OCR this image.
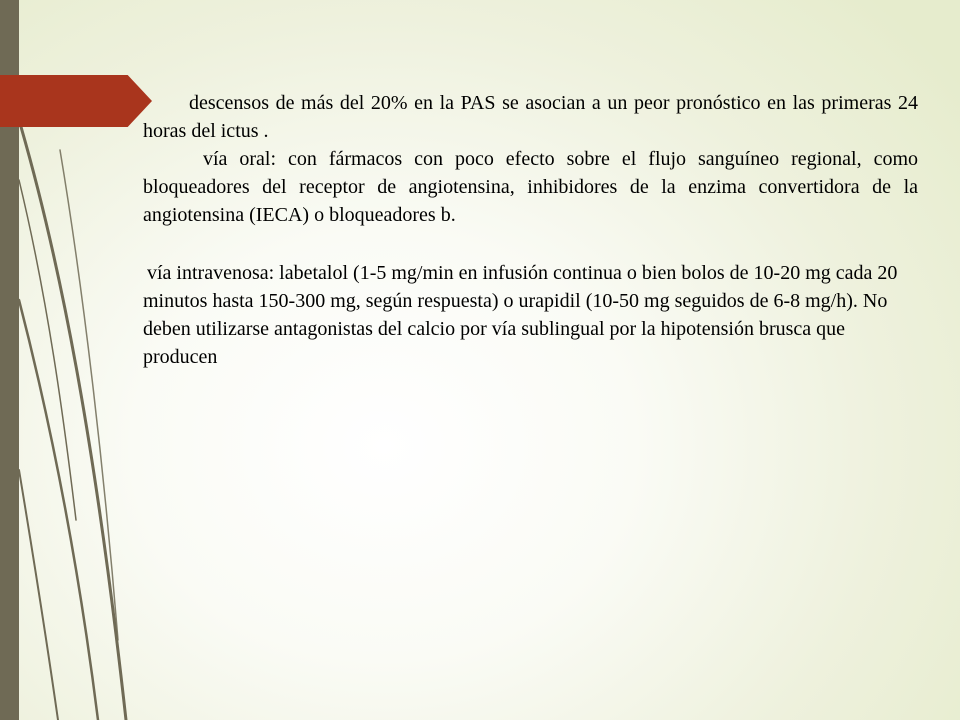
descensos de más del 20% en la PAS se asocian a un peor pronóstico en las primeras 24 horas del ictus .

vía oral: con fármacos con poco efecto sobre el flujo sanguíneo regional, como bloqueadores del receptor de angiotensina, inhibidores de la enzima convertidora de la angiotensina (IECA) o bloqueadores b.

vía intravenosa: labetalol (1-5 mg/min en infusión continua o bien bolos de 10-20 mg cada 20 minutos hasta 150-300 mg, según respuesta) o urapidil (10-50 mg seguidos de 6-8 mg/h). No deben utilizarse antagonistas del calcio por vía sublingual por la hipotensión brusca que producen
